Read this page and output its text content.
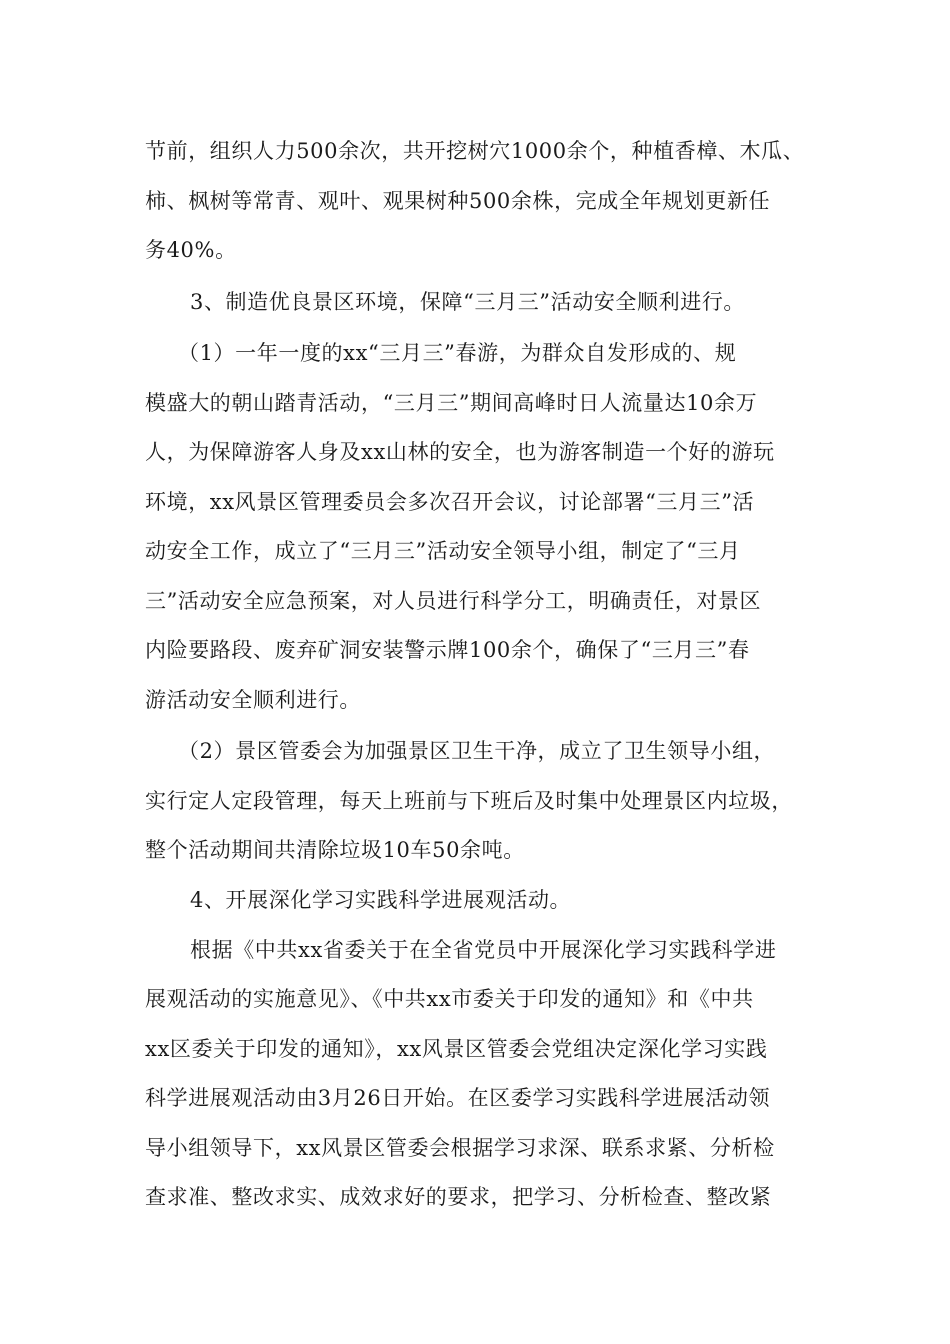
节前，组织人力500余次，共开挖树穴1000余个，种植香樟、木瓜、
柿、枫树等常青、观叶、观果树种500余株，完成全年规划更新任
务40%。
3、制造优良景区环境，保障“三月三”活动安全顺利进行。
（1）一年一度的xx“三月三”春游，为群众自发形成的、规
模盛大的朝山踏青活动，“三月三”期间高峰时日人流量达10余万
人，为保障游客人身及xx山林的安全，也为游客制造一个好的游玩
环境，xx风景区管理委员会多次召开会议，讨论部署“三月三”活
动安全工作，成立了“三月三”活动安全领导小组，制定了“三月
三”活动安全应急预案，对人员进行科学分工，明确责任，对景区
内险要路段、废弃矿洞安装警示牌100余个，确保了“三月三”春
游活动安全顺利进行。
（2）景区管委会为加强景区卫生干净，成立了卫生领导小组，
实行定人定段管理，每天上班前与下班后及时集中处理景区内垃圾，
整个活动期间共清除垃圾10车50余吨。
4、开展深化学习实践科学进展观活动。
根据《中共xx省委关于在全省党员中开展深化学习实践科学进
展观活动的实施意见》、《中共xx市委关于印发的通知》和《中共
xx区委关于印发的通知》，xx风景区管委会党组决定深化学习实践
科学进展观活动由3月26日开始。在区委学习实践科学进展活动领
导小组领导下，xx风景区管委会根据学习求深、联系求紧、分析检
查求准、整改求实、成效求好的要求，把学习、分析检查、整改紧
